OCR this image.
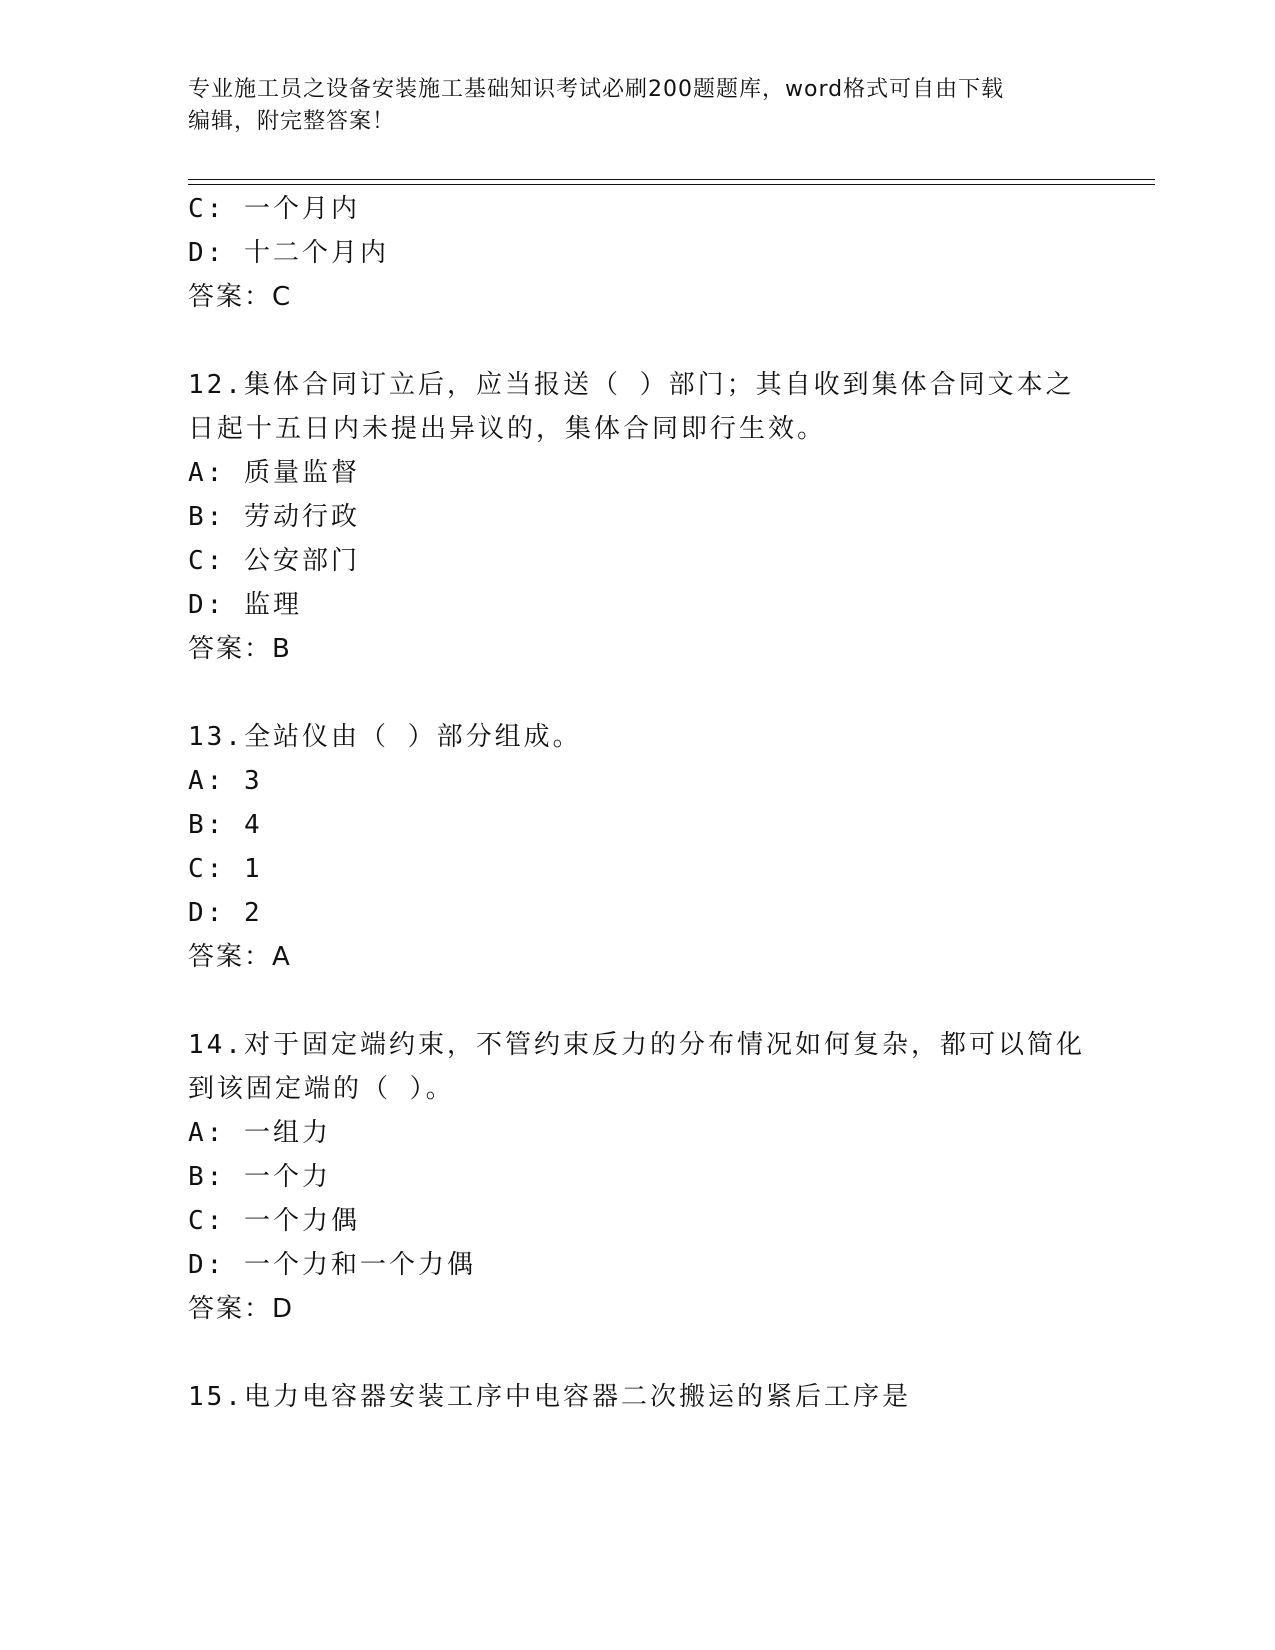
专业施工员之设备安装施工基础知识考试必刷200题题库，word格式可自由下载
编辑，附完整答案！
C: 一个月内
D: 十二个月内
答案：C
12.集体合同订立后，应当报送（ ）部门；其自收到集体合同文本之
日起十五日内未提出异议的，集体合同即行生效。
A: 质量监督
B: 劳动行政
C: 公安部门
D: 监理
答案：B
13.全站仪由（ ）部分组成。
A: 3
B: 4
C: 1
D: 2
答案：A
14.对于固定端约束，不管约束反力的分布情况如何复杂，都可以简化
到该固定端的（ ）。
A: 一组力
B: 一个力
C: 一个力偶
D: 一个力和一个力偶
答案：D
15.电力电容器安装工序中电容器二次搬运的紧后工序是
